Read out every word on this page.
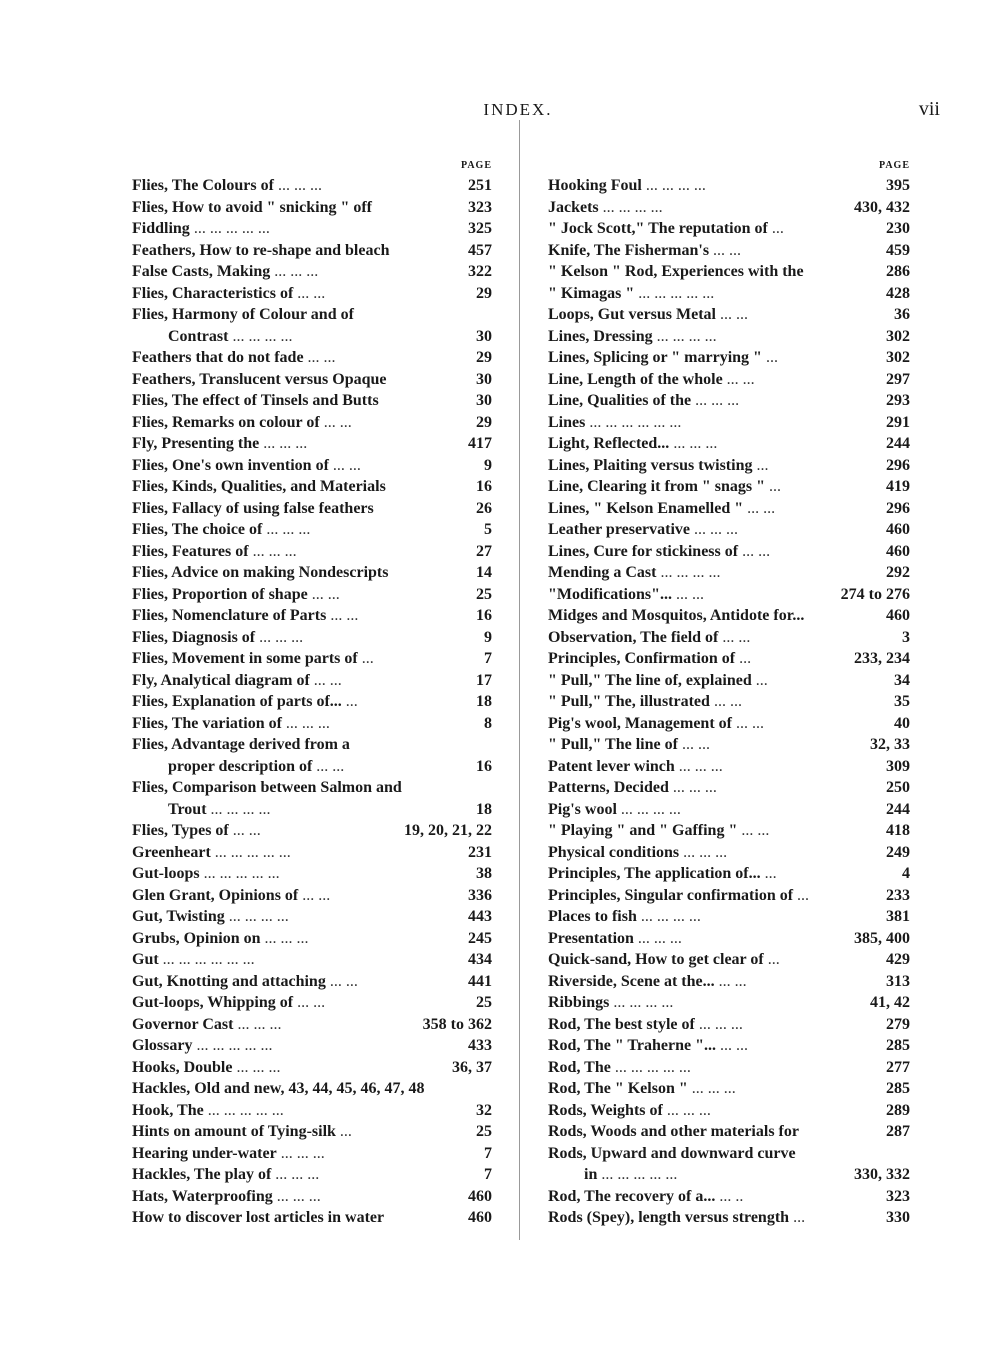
INDEX.	vii
PAGE
Flies, The Colours of ... ... ...	251
Flies, How to avoid " snicking " off	323
Fiddling ... ... ... ... ...	325
Feathers, How to re-shape and bleach	457
False Casts, Making ... ... ...	322
Flies, Characteristics of ... ...	29
Flies, Harmony of Colour and of
Contrast ... ... ... ...	30
Feathers that do not fade ... ...	29
Feathers, Translucent versus Opaque	30
Flies, The effect of Tinsels and Butts	30
Flies, Remarks on colour of ... ...	29
Fly, Presenting the ... ... ...	417
Flies, One's own invention of ... ...	9
Flies, Kinds, Qualities, and Materials	16
Flies, Fallacy of using false feathers	26
Flies, The choice of ... ... ...	5
Flies, Features of ... ... ...	27
Flies, Advice on making Nondescripts	14
Flies, Proportion of shape ... ...	25
Flies, Nomenclature of Parts ... ...	16
Flies, Diagnosis of ... ... ...	9
Flies, Movement in some parts of ...	7
Fly, Analytical diagram of ... ...	17
Flies, Explanation of parts of... ...	18
Flies, The variation of ... ... ...	8
Flies, Advantage derived from a
proper description of ... ...	16
Flies, Comparison between Salmon and
Trout ... ... ... ...	18
Flies, Types of ... ...	19, 20, 21, 22
Greenheart ... ... ... ... ...	231
Gut-loops ... ... ... ... ...	38
Glen Grant, Opinions of ... ...	336
Gut, Twisting ... ... ... ...	443
Grubs, Opinion on ... ... ...	245
Gut ... ... ... ... ... ...	434
Gut, Knotting and attaching ... ...	441
Gut-loops, Whipping of ... ...	25
Governor Cast ... ... ...	358 to 362
Glossary ... ... ... ... ...	433
Hooks, Double ... ... ...	36, 37
Hackles, Old and new, 43, 44, 45, 46, 47, 48
Hook, The ... ... ... ... ...	32
Hints on amount of Tying-silk ...	25
Hearing under-water ... ... ...	7
Hackles, The play of ... ... ...	7
Hats, Waterproofing ... ... ...	460
How to discover lost articles in water	460
PAGE
Hooking Foul ... ... ... ...	395
Jackets ... ... ... ...	430, 432
" Jock Scott," The reputation of ...	230
Knife, The Fisherman's ... ...	459
" Kelson " Rod, Experiences with the	286
" Kimagas " ... ... ... ... ...	428
Loops, Gut versus Metal ... ...	36
Lines, Dressing ... ... ... ...	302
Lines, Splicing or " marrying " ...	302
Line, Length of the whole ... ...	297
Line, Qualities of the ... ... ...	293
Lines ... ... ... ... ... ...	291
Light, Reflected... ... ... ...	244
Lines, Plaiting versus twisting ...	296
Line, Clearing it from " snags " ...	419
Lines, " Kelson Enamelled " ... ...	296
Leather preservative ... ... ...	460
Lines, Cure for stickiness of ... ...	460
Mending a Cast ... ... ... ...	292
"Modifications"... ... ...	274 to 276
Midges and Mosquitos, Antidote for...	460
Observation, The field of ... ...	3
Principles, Confirmation of ...	233, 234
" Pull," The line of, explained ...	34
" Pull," The, illustrated ... ...	35
Pig's wool, Management of ... ...	40
" Pull," The line of ... ...	32, 33
Patent lever winch ... ... ...	309
Patterns, Decided ... ... ...	250
Pig's wool ... ... ... ...	244
" Playing " and " Gaffing " ... ...	418
Physical conditions ... ... ...	249
Principles, The application of... ...	4
Principles, Singular confirmation of ...	233
Places to fish ... ... ... ...	381
Presentation ... ... ...	385, 400
Quick-sand, How to get clear of ...	429
Riverside, Scene at the... ... ...	313
Ribbings ... ... ... ...	41, 42
Rod, The best style of ... ... ...	279
Rod, The " Traherne "... ... ...	285
Rod, The ... ... ... ... ...	277
Rod, The " Kelson " ... ... ...	285
Rods, Weights of ... ... ...	289
Rods, Woods and other materials for	287
Rods, Upward and downward curve
in ... ... ... ... ...	330, 332
Rod, The recovery of a... ... ..	323
Rods (Spey), length versus strength ...	330
